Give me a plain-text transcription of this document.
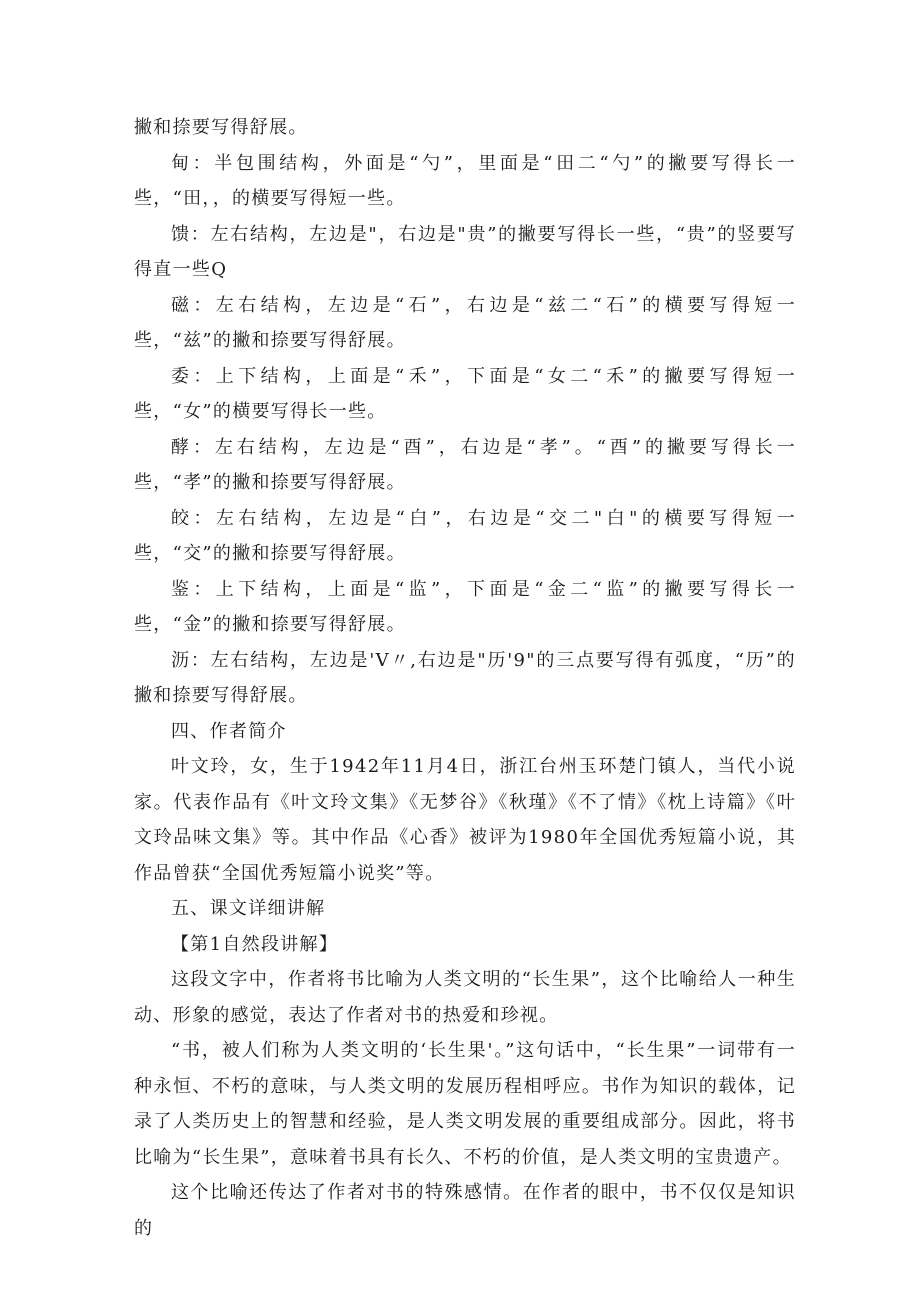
撇和捺要写得舒展。

甸：半包围结构，外面是“勺”，里面是“田二“勺”的撇要写得长一些，“田，，的横要写得短一些。

馈：左右结构，左边是"，右边是"贵”的撇要写得长一些，“贵”的竖要写得直一些Q

磁：左右结构，左边是“石”，右边是“兹二“石”的横要写得短一些，“兹”的撇和捺要写得舒展。

委：上下结构，上面是“禾”，下面是“女二“禾”的撇要写得短一些，“女”的横要写得长一些。

酵：左右结构，左边是“酉”，右边是“孝”。“酉”的撇要写得长一些，“孝”的撇和捺要写得舒展。

皎：左右结构，左边是“白”，右边是“交二"白"的横要写得短一些，“交”的撇和捺要写得舒展。

鉴：上下结构，上面是“监”，下面是“金二“监”的撇要写得长一些，“金”的撇和捺要写得舒展。

沥：左右结构，左边是'V〃,右边是"历'9"的三点要写得有弧度，“历”的撇和捺要写得舒展。

四、作者简介

叶文玲，女，生于1942年11月4日，浙江台州玉环楚门镇人，当代小说家。代表作品有《叶文玲文集》《无梦谷》《秋瑾》《不了情》《枕上诗篇》《叶文玲品味文集》等。其中作品《心香》被评为1980年全国优秀短篇小说，其作品曾获“全国优秀短篇小说奖”等。

五、课文详细讲解

【第1自然段讲解】

这段文字中，作者将书比喻为人类文明的“长生果”，这个比喻给人一种生动、形象的感觉，表达了作者对书的热爱和珍视。

“书，被人们称为人类文明的‘长生果'。”这句话中，“长生果”一词带有一种永恒、不朽的意味，与人类文明的发展历程相呼应。书作为知识的载体，记录了人类历史上的智慧和经验，是人类文明发展的重要组成部分。因此，将书比喻为“长生果”，意味着书具有长久、不朽的价值，是人类文明的宝贵遗产。

这个比喻还传达了作者对书的特殊感情。在作者的眼中，书不仅仅是知识的
